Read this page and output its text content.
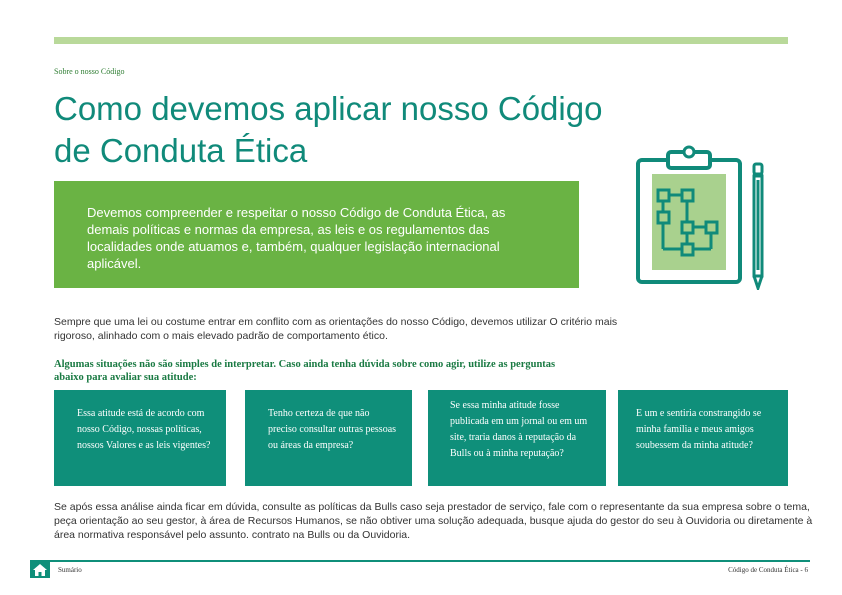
Sobre o nosso Código
Como devemos aplicar nosso Código de Conduta Ética

Devemos compreender e respeitar o nosso Código de Conduta Ética, as demais políticas e normas da empresa, as leis e os regulamentos das localidades onde atuamos e, também, qualquer legislação internacional aplicável.

Sempre que uma lei ou costume entrar em conflito com as orientações do nosso Código, devemos utilizar O critério mais rigoroso, alinhado com o mais elevado padrão de comportamento ético.

Algumas situações não são simples de interpretar. Caso ainda tenha dúvida sobre como agir, utilize as perguntas abaixo para avaliar sua atitude:

Essa atitude está de acordo com nosso Código, nossas políticas, nossos Valores e as leis vigentes?
Tenho certeza de que não preciso consultar outras pessoas ou áreas da empresa?
Se essa minha atitude fosse publicada em um jornal ou em um site, traria danos à reputação da Bulls ou à minha reputação?
E um e sentiria constrangido se minha família e meus amigos soubessem da minha atitude?

Se após essa análise ainda ficar em dúvida, consulte as políticas da Bulls caso seja prestador de serviço, fale com o representante da sua empresa sobre o tema, peça orientação ao seu gestor, à área de Recursos Humanos, se não obtiver uma solução adequada, busque ajuda do gestor do seu à Ouvidoria ou diretamente à área normativa responsável pelo assunto. contrato na Bulls ou da Ouvidoria.

Sumário	Código de Conduta Ética - 6
